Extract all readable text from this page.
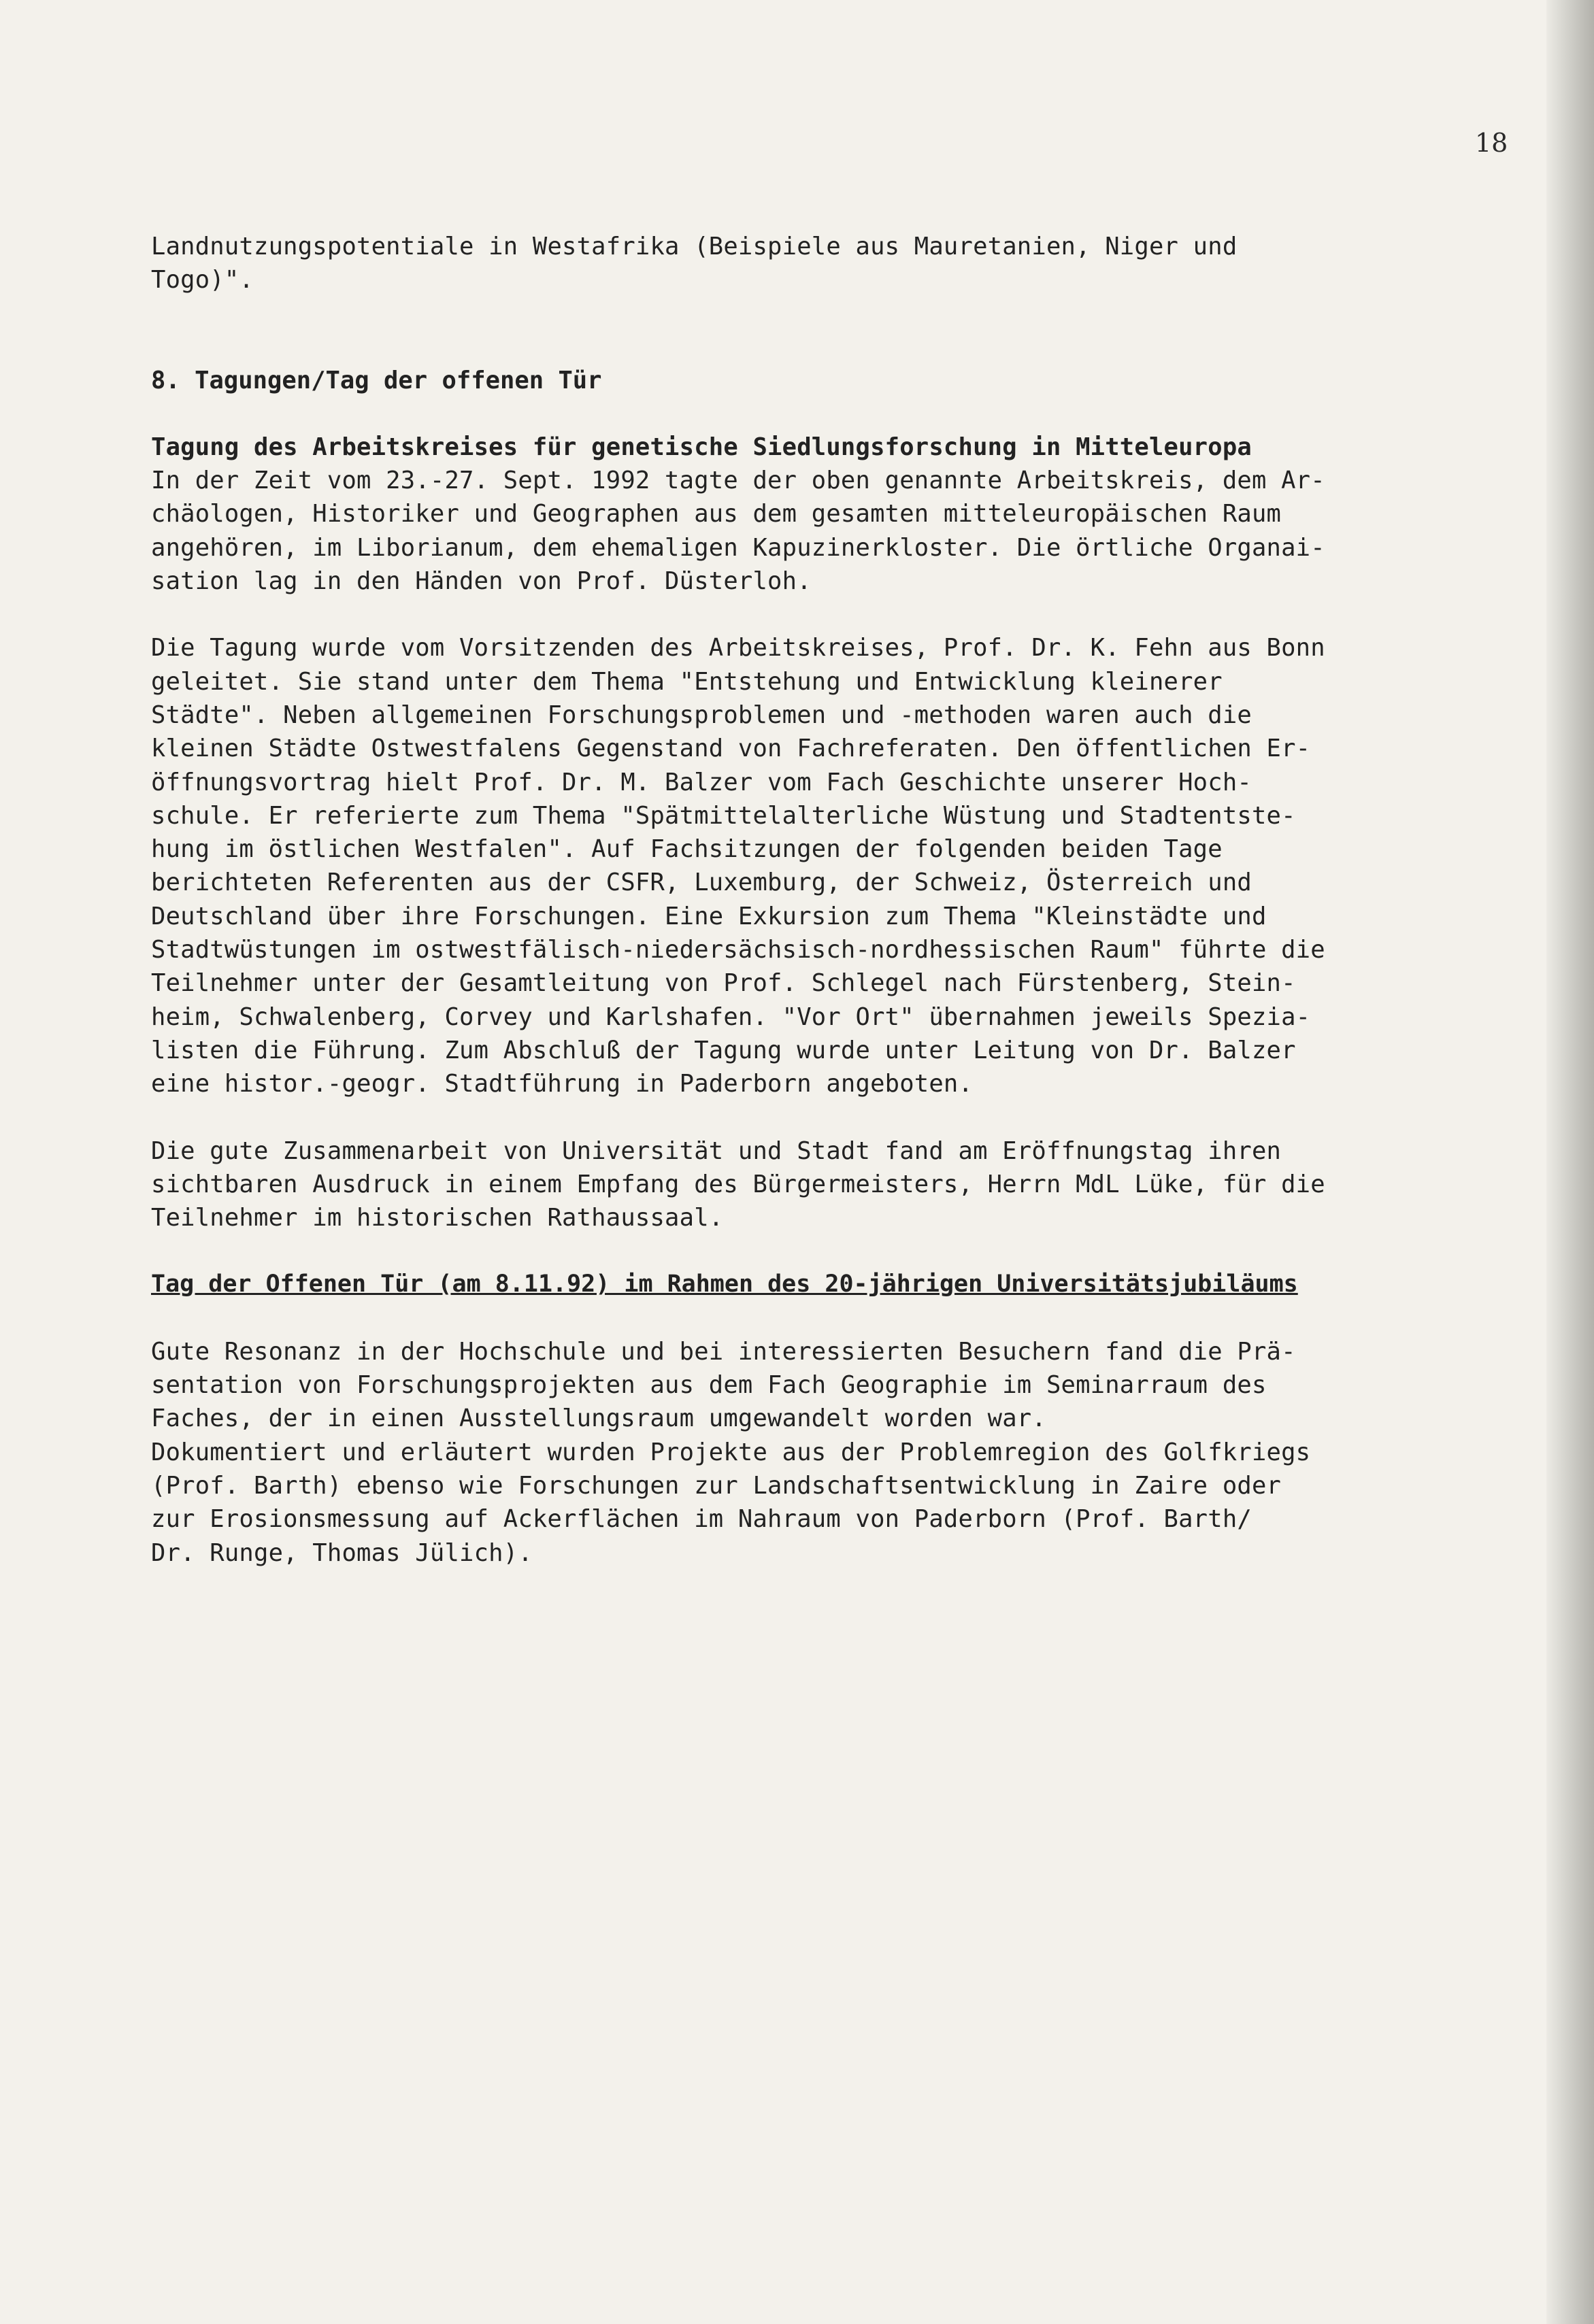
18
Landnutzungspotentiale in Westafrika (Beispiele aus Mauretanien, Niger und
Togo)".
8. Tagungen/Tag der offenen Tür
Tagung des Arbeitskreises für genetische Siedlungsforschung in Mitteleuropa
In der Zeit vom 23.-27. Sept. 1992 tagte der oben genannte Arbeitskreis, dem Ar-
chäologen, Historiker und Geographen aus dem gesamten mitteleuropäischen Raum
angehören, im Liborianum, dem ehemaligen Kapuzinerkloster. Die örtliche Organai-
sation lag in den Händen von Prof. Düsterloh.
Die Tagung wurde vom Vorsitzenden des Arbeitskreises, Prof. Dr. K. Fehn aus Bonn
geleitet. Sie stand unter dem Thema "Entstehung und Entwicklung kleinerer
Städte". Neben allgemeinen Forschungsproblemen und -methoden waren auch die
kleinen Städte Ostwestfalens Gegenstand von Fachreferaten. Den öffentlichen Er-
öffnungsvortrag hielt Prof. Dr. M. Balzer vom Fach Geschichte unserer Hoch-
schule. Er referierte zum Thema "Spätmittelalterliche Wüstung und Stadtentste-
hung im östlichen Westfalen". Auf Fachsitzungen der folgenden beiden Tage
berichteten Referenten aus der CSFR, Luxemburg, der Schweiz, Österreich und
Deutschland über ihre Forschungen. Eine Exkursion zum Thema "Kleinstädte und
Stadtwüstungen im ostwestfälisch-niedersächsisch-nordhessischen Raum" führte die
Teilnehmer unter der Gesamtleitung von Prof. Schlegel nach Fürstenberg, Stein-
heim, Schwalenberg, Corvey und Karlshafen. "Vor Ort" übernahmen jeweils Spezia-
listen die Führung. Zum Abschluß der Tagung wurde unter Leitung von Dr. Balzer
eine histor.-geogr. Stadtführung in Paderborn angeboten.
Die gute Zusammenarbeit von Universität und Stadt fand am Eröffnungstag ihren
sichtbaren Ausdruck in einem Empfang des Bürgermeisters, Herrn MdL Lüke, für die
Teilnehmer im historischen Rathaussaal.
Tag der Offenen Tür (am 8.11.92) im Rahmen des 20-jährigen Universitätsjubiläums
Gute Resonanz in der Hochschule und bei interessierten Besuchern fand die Prä-
sentation von Forschungsprojekten aus dem Fach Geographie im Seminarraum des
Faches, der in einen Ausstellungsraum umgewandelt worden war.
Dokumentiert und erläutert wurden Projekte aus der Problemregion des Golfkriegs
(Prof. Barth) ebenso wie Forschungen zur Landschaftsentwicklung in Zaire oder
zur Erosionsmessung auf Ackerflächen im Nahraum von Paderborn (Prof. Barth/
Dr. Runge, Thomas Jülich).
